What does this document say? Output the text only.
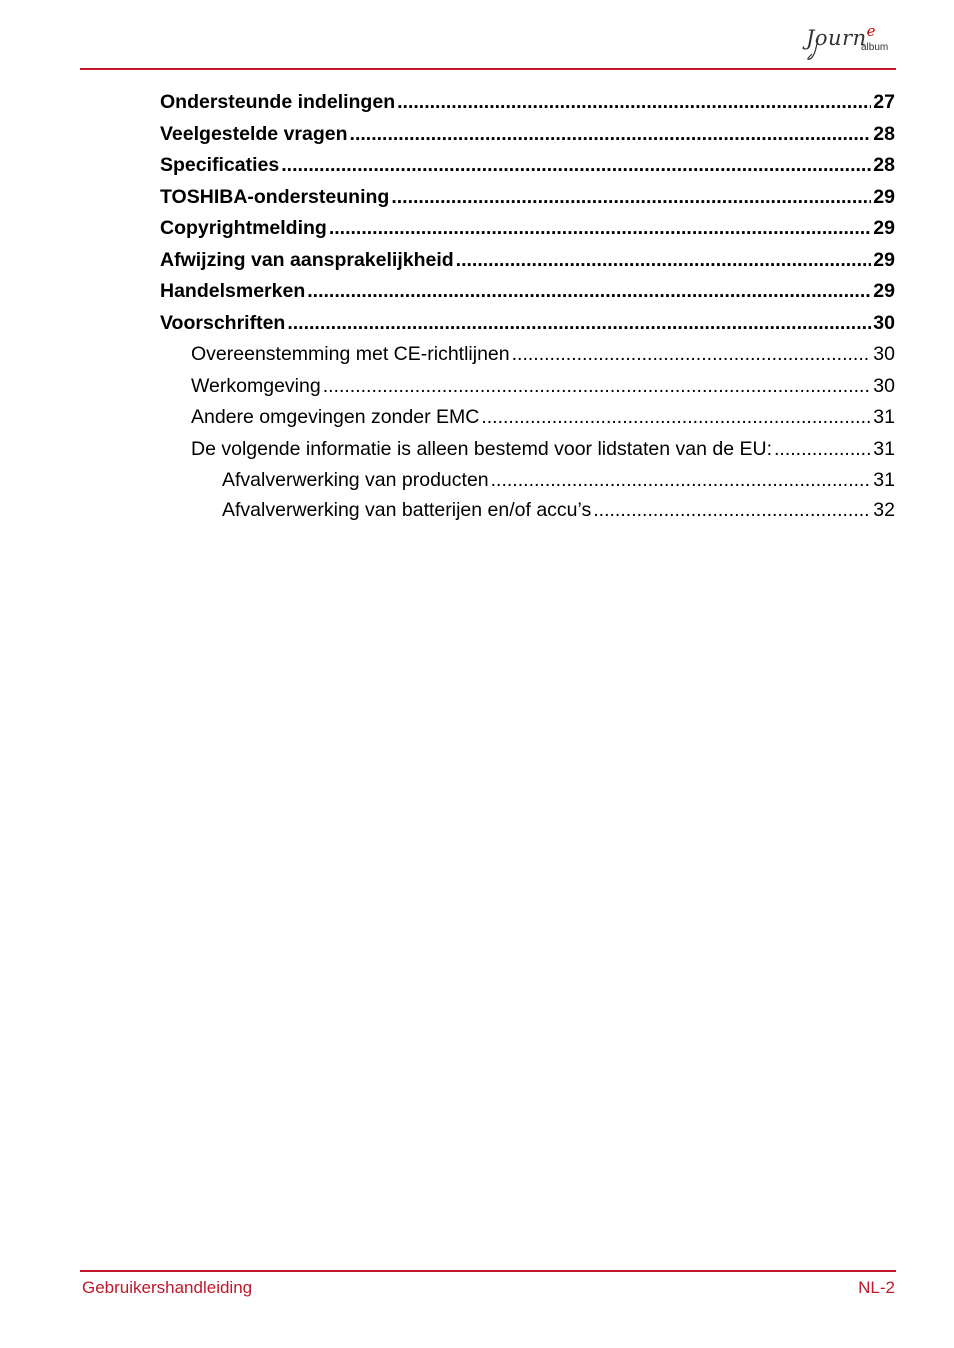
Journ$^e$
album
Ondersteunde indelingen .....	27
Veelgestelde vragen .....	28
Specificaties .....	28
TOSHIBA-ondersteuning .....	29
Copyrightmelding .....	29
Afwijzing van aansprakelijkheid .....	29
Handelsmerken .....	29
Voorschriften .....	30
Overeenstemming met CE-richtlijnen .....	30
Werkomgeving .....	30
Andere omgevingen zonder EMC .....	31
De volgende informatie is alleen bestemd voor lidstaten van de EU: .....	31
Afvalverwerking van producten .....	31
Afvalverwerking van batterijen en/of accu’s .....	32
Gebruikershandleiding	NL-2
